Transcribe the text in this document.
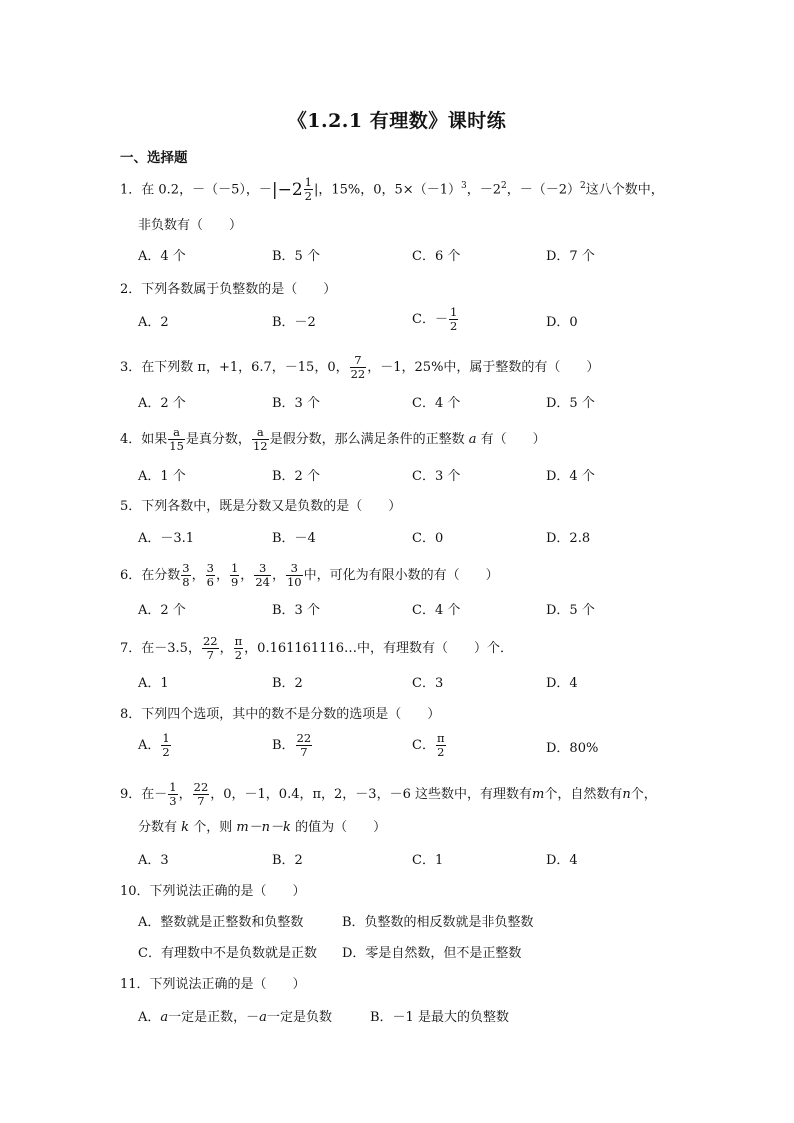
《1.2.1 有理数》课时练
一、选择题
1．在 0.2，－（－5），$-|-2 \frac{1}{2}$ |，15%，0，$5\times(-1)^3$，$-2^2$，$-(-2)^2$这八个数中，
非负数有（　　）
A．4 个	B．5 个	C．6 个	D．7 个
2．下列各数属于负整数的是（　　）
A．2	B．－2	C．－ $\frac{1}{2}$	D．0
3．在下列数 π，+1，6.7，－15，0， $\frac{7}{22}$ ，－1，25%中，属于整数的有（　　）
A．2 个	B．3 个	C．4 个	D．5 个
4．如果 $\frac{a}{15}$ 是真分数， $\frac{a}{12}$ 是假分数，那么满足条件的正整数 a 有（　　）
A．1 个	B．2 个	C．3 个	D．4 个
5．下列各数中，既是分数又是负数的是（　　）
A．－3.1	B．－4	C．0	D．2.8
6．在分数 $\frac{3}{8}$ ， $\frac{3}{6}$ ， $\frac{1}{9}$ ， $\frac{3}{24}$ ， $\frac{3}{10}$ 中，可化为有限小数的有（　　）
A．2 个	B．3 个	C．4 个	D．5 个
7．在－3.5， $\frac{22}{7}$ ， $\frac{\pi}{2}$ ，0.161161116…中，有理数有（　　）个．
A．1	B．2	C．3	D．4
8．下列四个选项，其中的数不是分数的选项是（　　）
A． $\frac{1}{2}$	B． $\frac{22}{7}$	C． $\frac{\pi}{2}$	D．80%
9．在－ $\frac{1}{3}$ ， $\frac{22}{7}$ ，0，－1，0.4，π，2，－3，－6 这些数中，有理数有m个，自然数有n个，
分数有 k 个，则 m－n－k 的值为（　　）
A．3	B．2	C．1	D．4
10．下列说法正确的是（　　）
A．整数就是正整数和负整数	B．负整数的相反数就是非负整数
C．有理数中不是负数就是正数 D．零是自然数，但不是正整数
11．下列说法正确的是（　　）
A．a一定是正数，－a一定是负数	B．－1 是最大的负整数
